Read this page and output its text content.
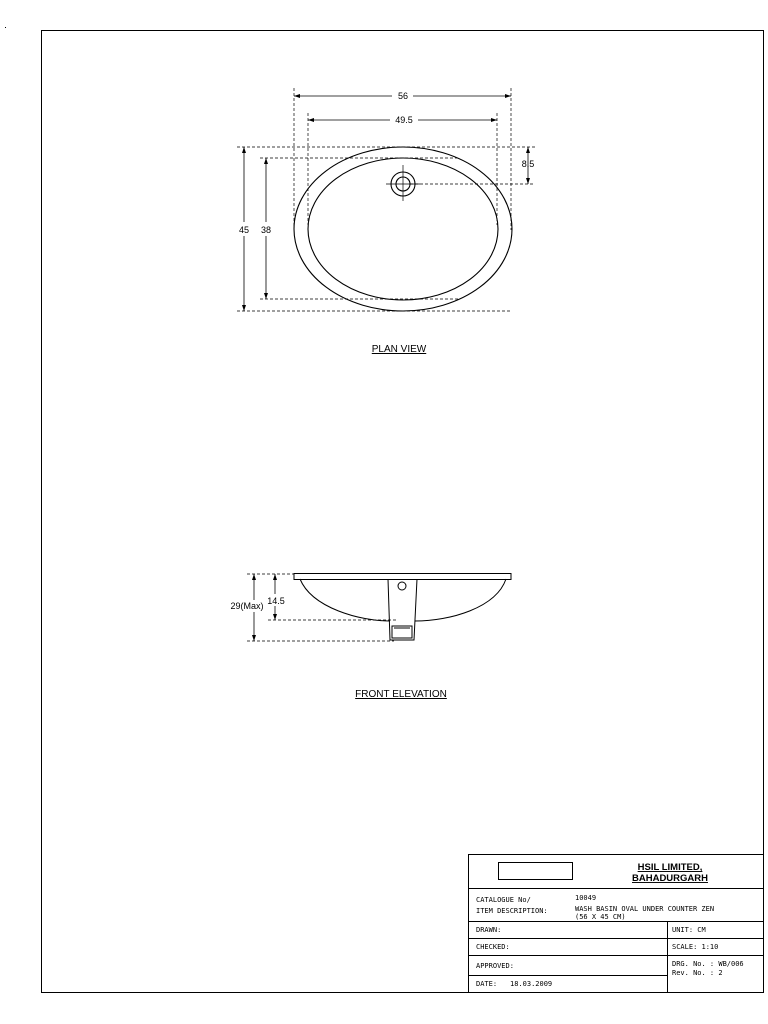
56
49.5
8.5
45 38
PLAN VIEW
29(Max) 14.5
FRONT ELEVATION
HSIL LIMITED,
BAHADURGARH
CATALOGUE No/	10049
ITEM DESCRIPTION:	WASH BASIN OVAL UNDER COUNTER ZEN
(56 X 45 CM)
DRAWN:	UNIT: CM
CHECKED:	SCALE: 1:10
APPROVED:	DRG. No. : WB/006
Rev. No. : 2
DATE: 18.03.2009
